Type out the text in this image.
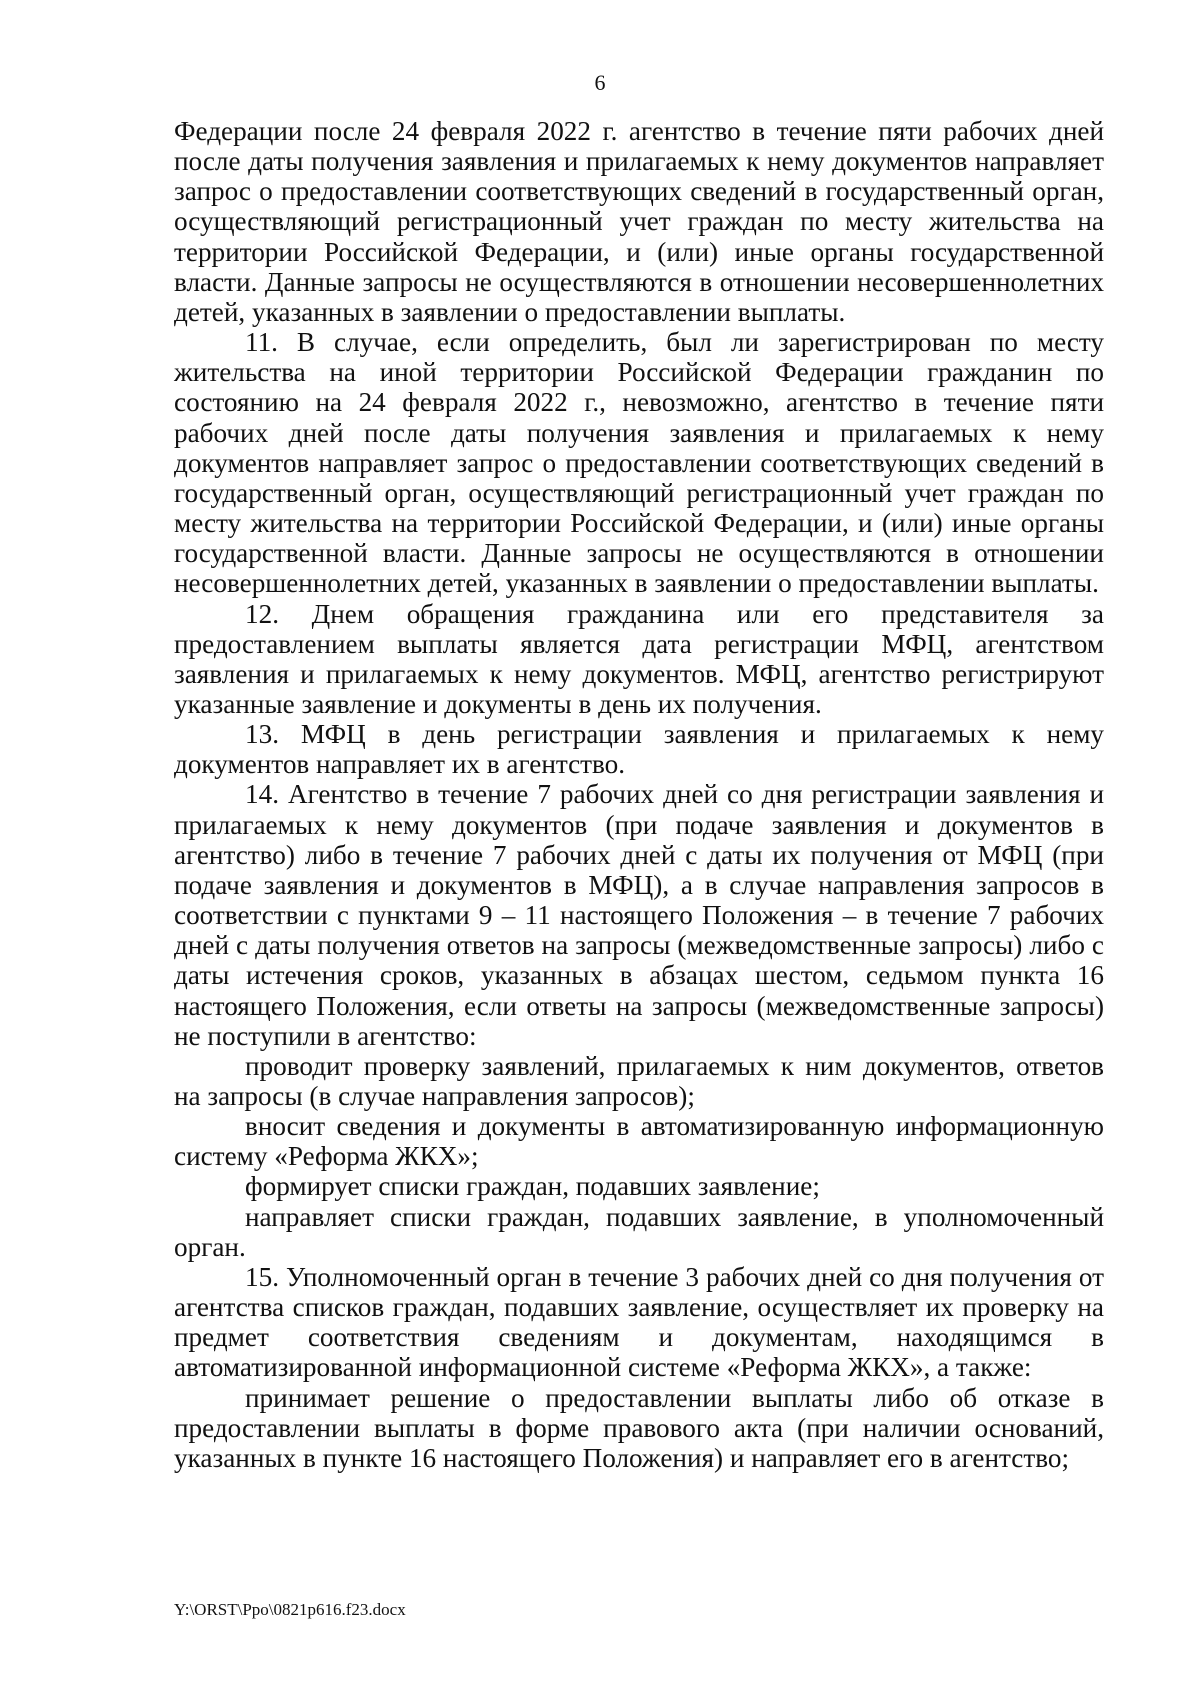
6

Федерации после 24 февраля 2022 г. агентство в течение пяти рабочих дней после даты получения заявления и прилагаемых к нему документов направляет запрос о предоставлении соответствующих сведений в государственный орган, осуществляющий регистрационный учет граждан по месту жительства на территории Российской Федерации, и (или) иные органы государственной власти. Данные запросы не осуществляются в отношении несовершеннолетних детей, указанных в заявлении о предоставлении выплаты.

11. В случае, если определить, был ли зарегистрирован по месту жительства на иной территории Российской Федерации гражданин по состоянию на 24 февраля 2022 г., невозможно, агентство в течение пяти рабочих дней после даты получения заявления и прилагаемых к нему документов направляет запрос о предоставлении соответствующих сведений в государственный орган, осуществляющий регистрационный учет граждан по месту жительства на территории Российской Федерации, и (или) иные органы государственной власти. Данные запросы не осуществляются в отношении несовершеннолетних детей, указанных в заявлении о предоставлении выплаты.

12. Днем обращения гражданина или его представителя за предоставлением выплаты является дата регистрации МФЦ, агентством заявления и прилагаемых к нему документов. МФЦ, агентство регистрируют указанные заявление и документы в день их получения.

13. МФЦ в день регистрации заявления и прилагаемых к нему документов направляет их в агентство.

14. Агентство в течение 7 рабочих дней со дня регистрации заявления и прилагаемых к нему документов (при подаче заявления и документов в агентство) либо в течение 7 рабочих дней с даты их получения от МФЦ (при подаче заявления и документов в МФЦ), а в случае направления запросов в соответствии с пунктами 9 – 11 настоящего Положения – в течение 7 рабочих дней с даты получения ответов на запросы (межведомственные запросы) либо с даты истечения сроков, указанных в абзацах шестом, седьмом пункта 16 настоящего Положения, если ответы на запросы (межведомственные запросы) не поступили в агентство:

проводит проверку заявлений, прилагаемых к ним документов, ответов на запросы (в случае направления запросов);

вносит сведения и документы в автоматизированную информационную систему «Реформа ЖКХ»;

формирует списки граждан, подавших заявление;

направляет списки граждан, подавших заявление, в уполномоченный орган.

15. Уполномоченный орган в течение 3 рабочих дней со дня получения от агентства списков граждан, подавших заявление, осуществляет их проверку на предмет соответствия сведениям и документам, находящимся в автоматизированной информационной системе «Реформа ЖКХ», а также:

принимает решение о предоставлении выплаты либо об отказе в предоставлении выплаты в форме правового акта (при наличии оснований, указанных в пункте 16 настоящего Положения) и направляет его в агентство;

Y:\ORST\Ppo\0821p616.f23.docx
